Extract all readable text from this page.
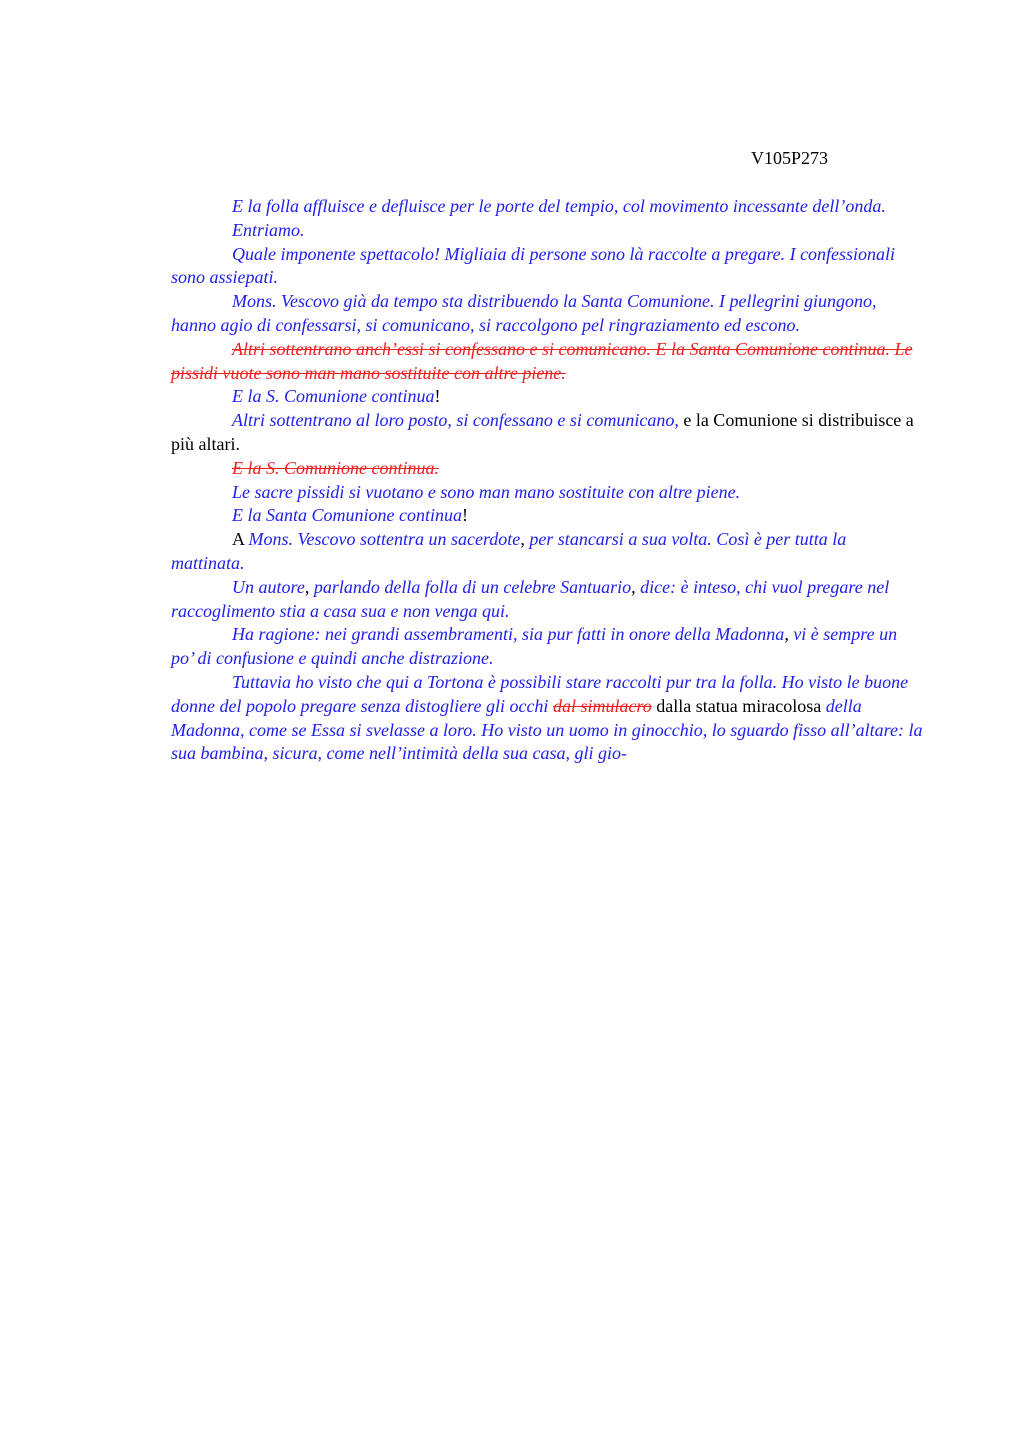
V105P273

E la folla affluisce e defluisce per le porte del tempio, col movimento incessante dell’onda.

Entriamo.

Quale imponente spettacolo! Migliaia di persone sono là raccolte a pregare. I confessionali sono assiepati.

Mons. Vescovo già da tempo sta distribuendo la Santa Comunione. I pellegrini giungono, hanno agio di confessarsi, si comunicano, si raccolgono pel ringraziamento ed escono.

Altri sottentrano anch’essi si confessano e si comunicano. E la Santa Comunione continua. Le pissidi vuote sono man mano sostituite con altre piene.

E la S. Comunione continua!

Altri sottentrano al loro posto, si confessano e si comunicano, e la Comunione si distribuisce a più altari.

E la S. Comunione continua.

Le sacre pissidi si vuotano e sono man mano sostituite con altre piene.

E la Santa Comunione continua!

A Mons. Vescovo sottentra un sacerdote, per stancarsi a sua volta. Così è per tutta la mattinata.

Un autore, parlando della folla di un celebre Santuario, dice: è inteso, chi vuol pregare nel raccoglimento stia a casa sua e non venga qui.

Ha ragione: nei grandi assembramenti, sia pur fatti in onore della Madonna, vi è sempre un po’ di confusione e quindi anche distrazione.

Tuttavia ho visto che qui a Tortona è possibili stare raccolti pur tra la folla. Ho visto le buone donne del popolo pregare senza distogliere gli occhi dal simulacro dalla statua miracolosa della Madonna, come se Essa si svelasse a loro. Ho visto un uomo in ginocchio, lo sguardo fisso all’altare: la sua bambina, sicura, come nell’intimità della sua casa, gli gio-
